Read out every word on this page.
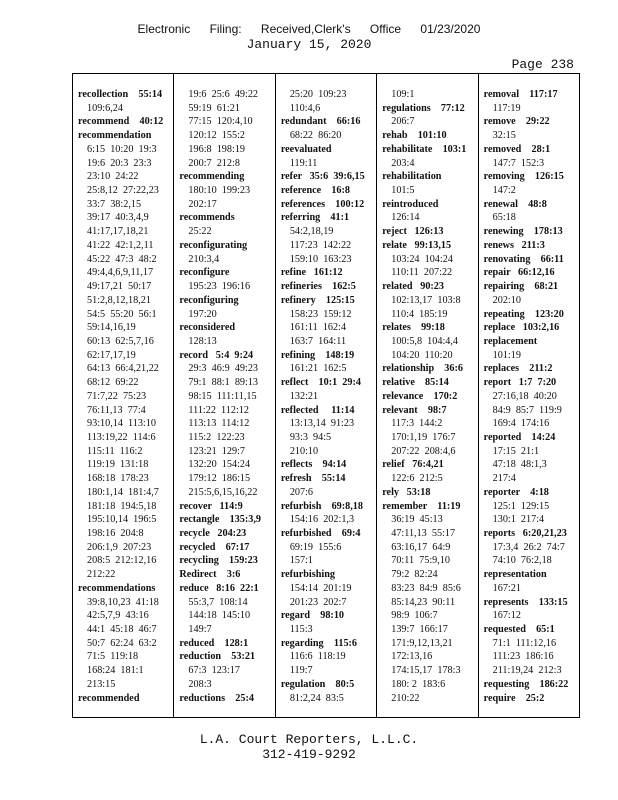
Electronic Filing: Received,Clerk's Office 01/23/2020
January 15, 2020
Page 238
recollection    55:14
109:6,24
recommend    40:12
recommendation
6:15  10:20  19:3
19:6  20:3  23:3
23:10  24:22
25:8,12  27:22,23
33:7  38:2,15
39:17  40:3,4,9
41:17,17,18,21
41:22  42:1,2,11
45:22  47:3  48:2
49:4,4,6,9,11,17
49:17,21  50:17
51:2,8,12,18,21
54:5  55:20  56:1
59:14,16,19
60:13  62:5,7,16
62:17,17,19
64:13  66:4,21,22
68:12  69:22
71:7,22  75:23
76:11,13  77:4
93:10,14  113:10
113:19,22  114:6
115:11  116:2
119:19  131:18
168:18  178:23
180:1,14  181:4,7
181:18  194:5,18
195:10,14  196:5
198:16  204:8
206:1,9  207:23
208:5  212:12,16
212:22
recommendations
39:8,10,23  41:18
42:5,7,9  43:16
44:1  45:18  46:7
50:7  62:24  63:2
71:5  119:18
168:24  181:1
213:15
recommended
19:6  25:6  49:22
59:19  61:21
77:15  120:4,10
120:12  155:2
196:8  198:19
200:7  212:8
recommending
180:10  199:23
202:17
recommends
25:22
reconfigurating
210:3,4
reconfigure
195:23  196:16
reconfiguring
197:20
reconsidered
128:13
record   5:4  9:24
29:3  46:9  49:23
79:1  88:1  89:13
98:15  111:11,15
111:22  112:12
113:13  114:12
115:2  122:23
123:21  129:7
132:20  154:24
179:12  186:15
215:5,6,15,16,22
recover   114:9
rectangle    135:3,9
recycle   204:23
recycled    67:17
recycling    159:23
Redirect    3:6
reduce   8:16  22:1
55:3,7  108:14
144:18  145:10
149:7
reduced    128:1
reduction    53:21
67:3  123:17
208:3
reductions    25:4
25:20  109:23
110:4,6
redundant    66:16
68:22  86:20
reevaluated
119:11
refer   35:6  39:6,15
reference    16:8
references    100:12
referring    41:1
54:2,18,19
117:23  142:22
159:10  163:23
refine   161:12
refineries    162:5
refinery    125:15
158:23  159:12
161:11  162:4
163:7  164:11
refining    148:19
161:21  162:5
reflect    10:1  29:4
132:21
reflected     11:14
13:13,14  91:23
93:3  94:5
210:10
reflects    94:14
refresh    55:14
207:6
refurbish    69:8,18
154:16  202:1,3
refurbished    69:4
69:19  155:6
157:1
refurbishing
154:14  201:19
201:23  202:7
regard    98:10
115:3
regarding    115:6
116:6  118:19
119:7
regulation    80:5
81:2,24  83:5
109:1
regulations    77:12
206:7
rehab    101:10
rehabilitate    103:1
203:4
rehabilitation
101:5
reintroduced
126:14
reject   126:13
relate   99:13,15
103:24  104:24
110:11  207:22
related   90:23
102:13,17  103:8
110:4  185:19
relates    99:18
100:5,8  104:4,4
104:20  110:20
relationship    36:6
relative    85:14
relevance    170:2
relevant    98:7
117:3  144:2
170:1,19  176:7
207:22  208:4,6
relief   76:4,21
122:6  212:5
rely   53:18
remember    11:19
36:19  45:13
47:11,13  55:17
63:16,17  64:9
70:11  75:9,10
79:2  82:24
83:23  84:9  85:6
85:14,23  90:11
98:9  106:7
139:7  166:17
171:9,12,13,21
172:13,16
174:15,17  178:3
180: 2  183:6
210:22
removal    117:17
117:19
remove    29:22
32:15
removed    28:1
147:7  152:3
removing    126:15
147:2
renewal    48:8
65:18
renewing    178:13
renews   211:3
renovating    66:11
repair   66:12,16
repairing    68:21
202:10
repeating    123:20
replace   103:2,16
replacement
101:19
replaces    211:2
report   1:7  7:20
27:16,18  40:20
84:9  85:7  119:9
169:4  174:16
reported    14:24
17:15  21:1
47:18  48:1,3
217:4
reporter    4:18
125:1  129:15
130:1  217:4
reports   6:20,21,23
17:3,4  26:2  74:7
74:10  76:2,18
representation
167:21
represents    133:15
167:12
requested    65:1
71:1  111:12,16
111:23  186:16
211:19,24  212:3
requesting    186:22
require    25:2
L.A. Court Reporters, L.L.C.
312-419-9292
